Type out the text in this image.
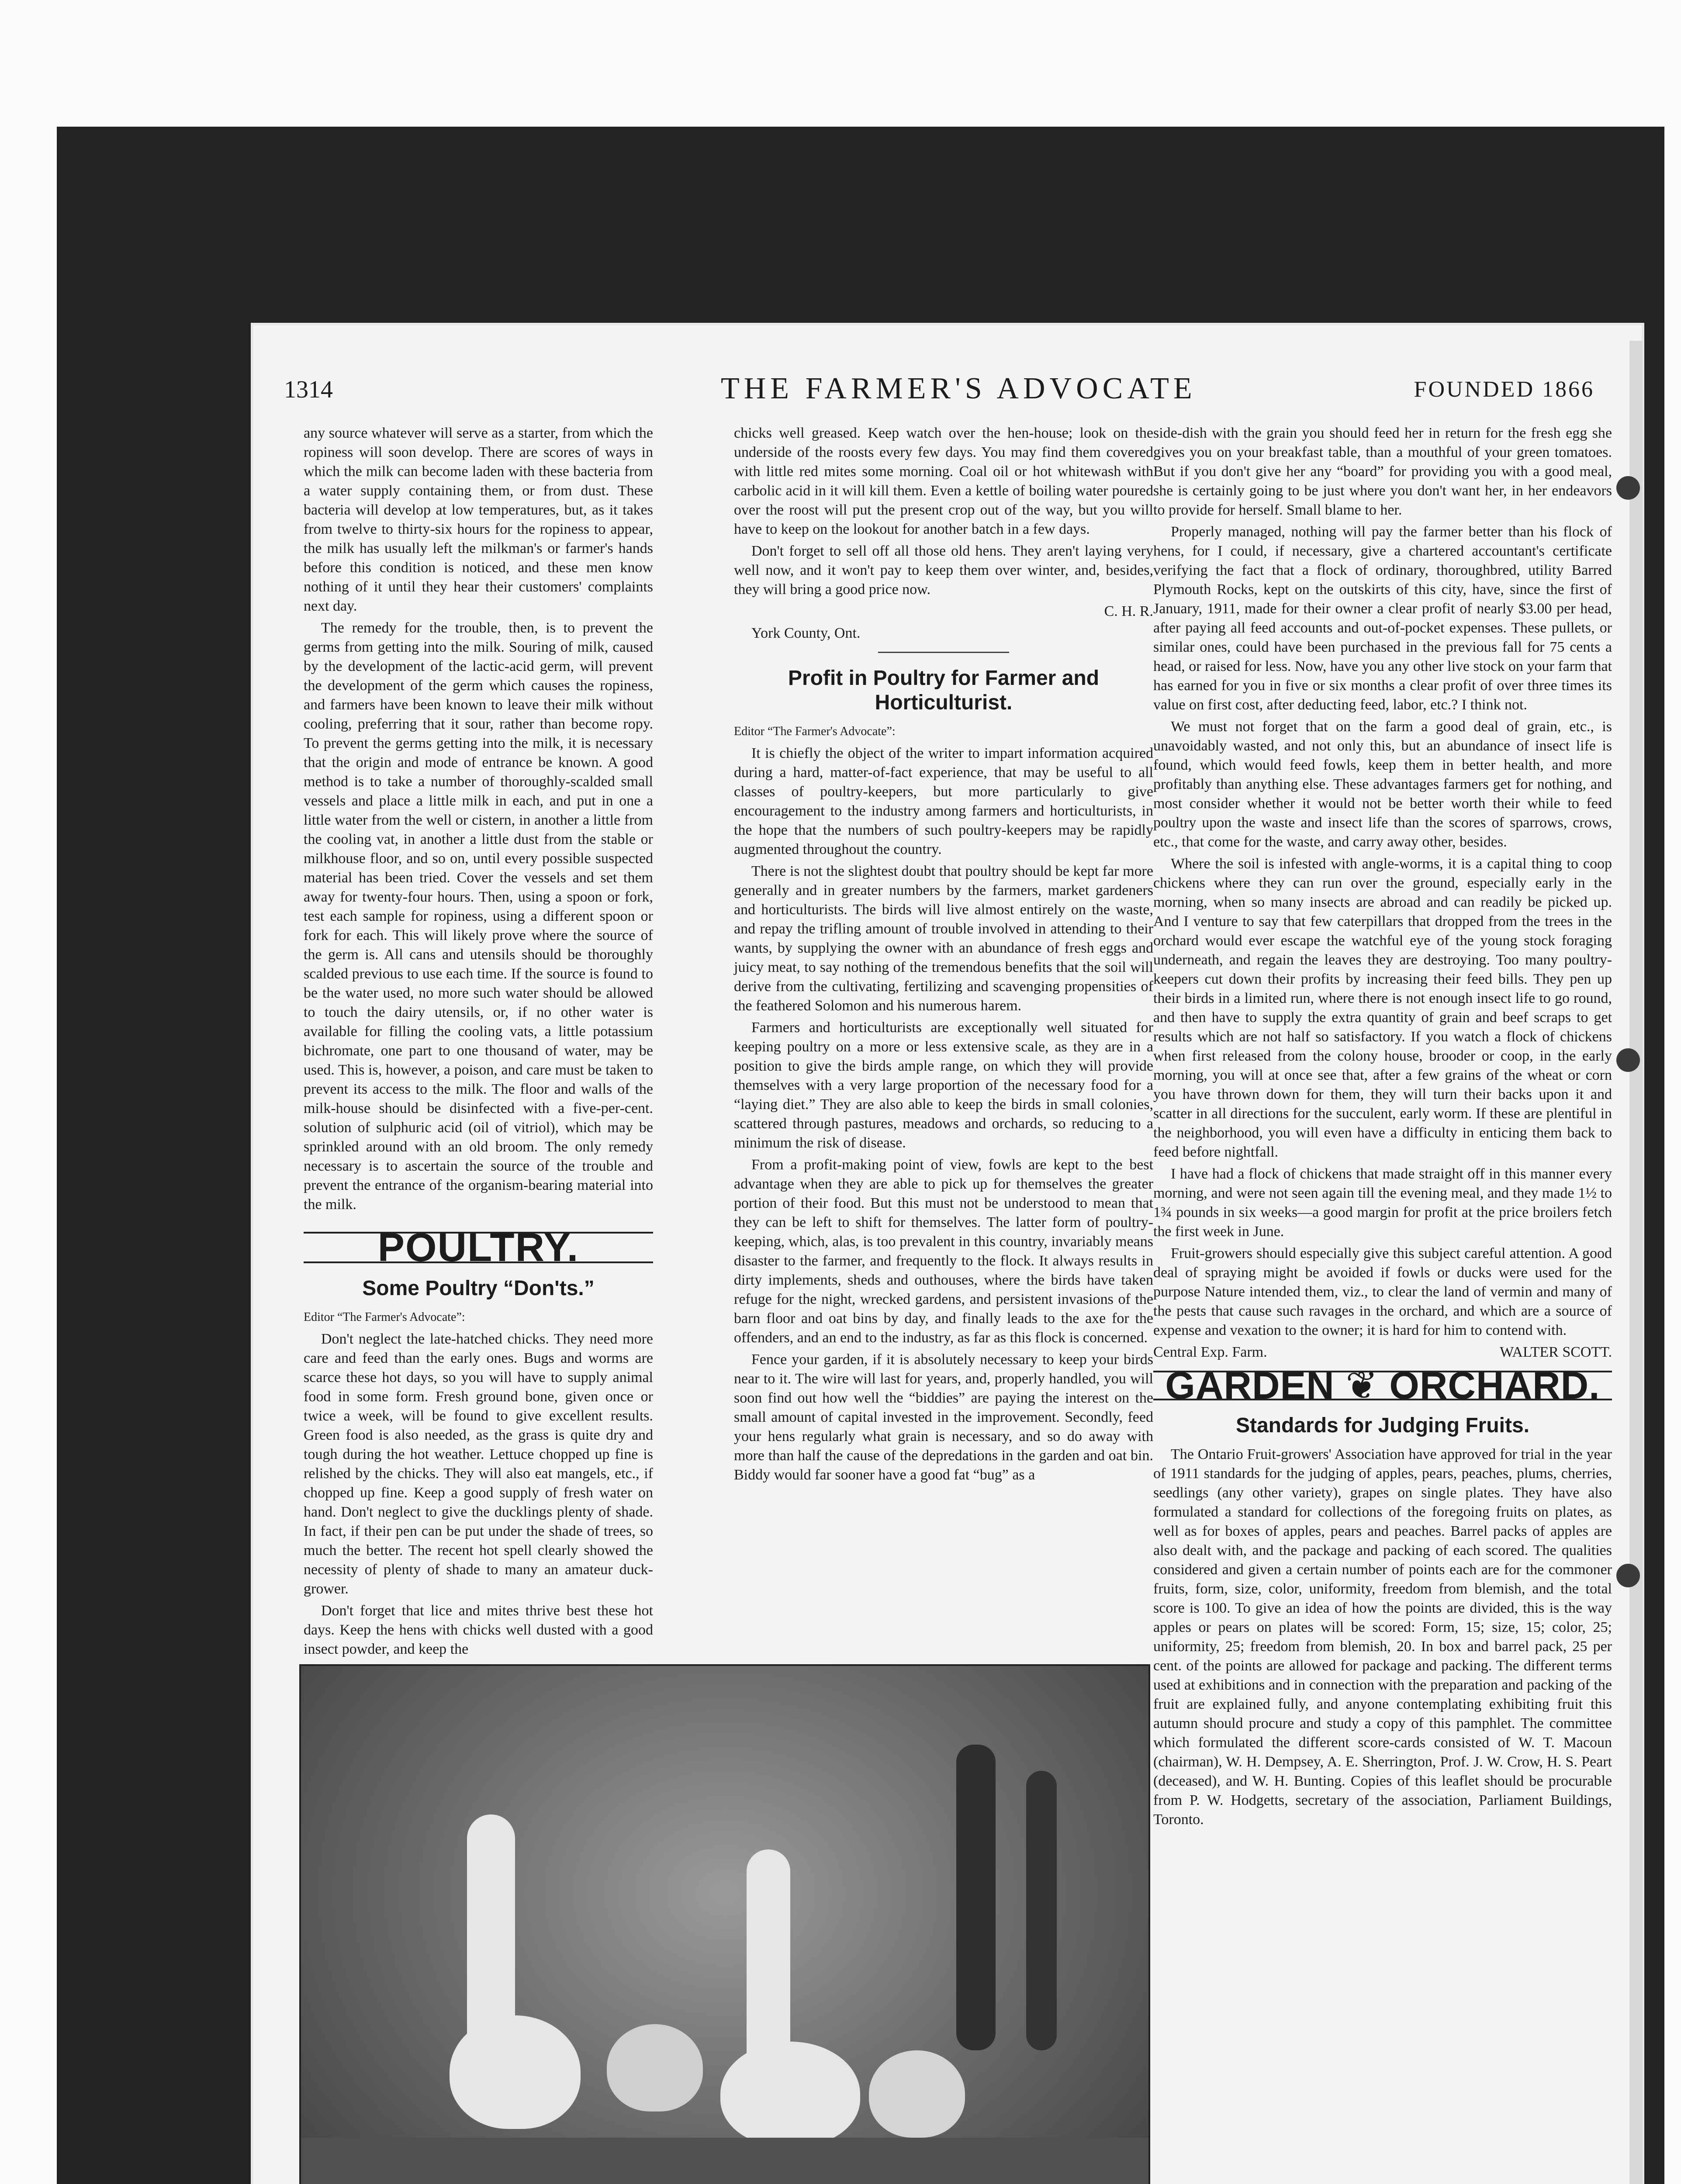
1314	THE FARMER'S ADVOCATE	FOUNDED 1866

any source whatever will serve as a starter, from which the ropiness will soon develop. There are scores of ways in which the milk can become laden with these bacteria from a water supply containing them, or from dust. These bacteria will develop at low temperatures, but, as it takes from twelve to thirty-six hours for the ropiness to appear, the milk has usually left the milkman's or farmer's hands before this condition is noticed, and these men know nothing of it until they hear their customers' complaints next day.

The remedy for the trouble, then, is to prevent the germs from getting into the milk. Souring of milk, caused by the development of the lactic-acid germ, will prevent the development of the germ which causes the ropiness, and farmers have been known to leave their milk without cooling, preferring that it sour, rather than become ropy. To prevent the germs getting into the milk, it is necessary that the origin and mode of entrance be known. A good method is to take a number of thoroughly-scalded small vessels and place a little milk in each, and put in one a little water from the well or cistern, in another a little from the cooling vat, in another a little dust from the stable or milkhouse floor, and so on, until every possible suspected material has been tried. Cover the vessels and set them away for twenty-four hours. Then, using a spoon or fork, test each sample for ropiness, using a different spoon or fork for each. This will likely prove where the source of the germ is. All cans and utensils should be thoroughly scalded previous to use each time. If the source is found to be the water used, no more such water should be allowed to touch the dairy utensils, or, if no other water is available for filling the cooling vats, a little potassium bichromate, one part to one thousand of water, may be used. This is, however, a poison, and care must be taken to prevent its access to the milk. The floor and walls of the milk-house should be disinfected with a five-per-cent. solution of sulphuric acid (oil of vitriol), which may be sprinkled around with an old broom. The only remedy necessary is to ascertain the source of the trouble and prevent the entrance of the organism-bearing material into the milk.

POULTRY.
Some Poultry “Don'ts.”

Editor “The Farmer's Advocate”:

Don't neglect the late-hatched chicks. They need more care and feed than the early ones. Bugs and worms are scarce these hot days, so you will have to supply animal food in some form. Fresh ground bone, given once or twice a week, will be found to give excellent results. Green food is also needed, as the grass is quite dry and tough during the hot weather. Lettuce chopped up fine is relished by the chicks. They will also eat mangels, etc., if chopped up fine. Keep a good supply of fresh water on hand. Don't neglect to give the ducklings plenty of shade. In fact, if their pen can be put under the shade of trees, so much the better. The recent hot spell clearly showed the necessity of plenty of shade to many an amateur duck-grower.

Don't forget that lice and mites thrive best these hot days. Keep the hens with chicks well dusted with a good insect powder, and keep the

chicks well greased. Keep watch over the hen-house; look on the underside of the roosts every few days. You may find them covered with little red mites some morning. Coal oil or hot whitewash with carbolic acid in it will kill them. Even a kettle of boiling water poured over the roost will put the present crop out of the way, but you will have to keep on the lookout for another batch in a few days.

Don't forget to sell off all those old hens. They aren't laying very well now, and it won't pay to keep them over winter, and, besides, they will bring a good price now.

C. H. R.

York County, Ont.

Profit in Poultry for Farmer and Horticulturist.

Editor “The Farmer's Advocate”:

It is chiefly the object of the writer to impart information acquired during a hard, matter-of-fact experience, that may be useful to all classes of poultry-keepers, but more particularly to give encouragement to the industry among farmers and horticulturists, in the hope that the numbers of such poultry-keepers may be rapidly augmented throughout the country.

There is not the slightest doubt that poultry should be kept far more generally and in greater numbers by the farmers, market gardeners and horticulturists. The birds will live almost entirely on the waste, and repay the trifling amount of trouble involved in attending to their wants, by supplying the owner with an abundance of fresh eggs and juicy meat, to say nothing of the tremendous benefits that the soil will derive from the cultivating, fertilizing and scavenging propensities of the feathered Solomon and his numerous harem.

Farmers and horticulturists are exceptionally well situated for keeping poultry on a more or less extensive scale, as they are in a position to give the birds ample range, on which they will provide themselves with a very large proportion of the necessary food for a “laying diet.” They are also able to keep the birds in small colonies, scattered through pastures, meadows and orchards, so reducing to a minimum the risk of disease.

From a profit-making point of view, fowls are kept to the best advantage when they are able to pick up for themselves the greater portion of their food. But this must not be understood to mean that they can be left to shift for themselves. The latter form of poultry-keeping, which, alas, is too prevalent in this country, invariably means disaster to the farmer, and frequently to the flock. It always results in dirty implements, sheds and outhouses, where the birds have taken refuge for the night, wrecked gardens, and persistent invasions of the barn floor and oat bins by day, and finally leads to the axe for the offenders, and an end to the industry, as far as this flock is concerned.

Fence your garden, if it is absolutely necessary to keep your birds near to it. The wire will last for years, and, properly handled, you will soon find out how well the “biddies” are paying the interest on the small amount of capital invested in the improvement. Secondly, feed your hens regularly what grain is necessary, and so do away with more than half the cause of the depredations in the garden and oat bin. Biddy would far sooner have a good fat “bug” as a

side-dish with the grain you should feed her in return for the fresh egg she gives you on your breakfast table, than a mouthful of your green tomatoes. But if you don't give her any “board” for providing you with a good meal, she is certainly going to be just where you don't want her, in her endeavors to provide for herself. Small blame to her.

Properly managed, nothing will pay the farmer better than his flock of hens, for I could, if necessary, give a chartered accountant's certificate verifying the fact that a flock of ordinary, thoroughbred, utility Barred Plymouth Rocks, kept on the outskirts of this city, have, since the first of January, 1911, made for their owner a clear profit of nearly $3.00 per head, after paying all feed accounts and out-of-pocket expenses. These pullets, or similar ones, could have been purchased in the previous fall for 75 cents a head, or raised for less. Now, have you any other live stock on your farm that has earned for you in five or six months a clear profit of over three times its value on first cost, after deducting feed, labor, etc.? I think not.

We must not forget that on the farm a good deal of grain, etc., is unavoidably wasted, and not only this, but an abundance of insect life is found, which would feed fowls, keep them in better health, and more profitably than anything else. These advantages farmers get for nothing, and most consider whether it would not be better worth their while to feed poultry upon the waste and insect life than the scores of sparrows, crows, etc., that come for the waste, and carry away other, besides.

Where the soil is infested with angle-worms, it is a capital thing to coop chickens where they can run over the ground, especially early in the morning, when so many insects are abroad and can readily be picked up. And I venture to say that few caterpillars that dropped from the trees in the orchard would ever escape the watchful eye of the young stock foraging underneath, and regain the leaves they are destroying. Too many poultry-keepers cut down their profits by increasing their feed bills. They pen up their birds in a limited run, where there is not enough insect life to go round, and then have to supply the extra quantity of grain and beef scraps to get results which are not half so satisfactory. If you watch a flock of chickens when first released from the colony house, brooder or coop, in the early morning, you will at once see that, after a few grains of the wheat or corn you have thrown down for them, they will turn their backs upon it and scatter in all directions for the succulent, early worm. If these are plentiful in the neighborhood, you will even have a difficulty in enticing them back to feed before nightfall.

I have had a flock of chickens that made straight off in this manner every morning, and were not seen again till the evening meal, and they made 1½ to 1¾ pounds in six weeks—a good margin for profit at the price broilers fetch the first week in June.

Fruit-growers should especially give this subject careful attention. A good deal of spraying might be avoided if fowls or ducks were used for the purpose Nature intended them, viz., to clear the land of vermin and many of the pests that cause such ravages in the orchard, and which are a source of expense and vexation to the owner; it is hard for him to contend with.

Central Exp. Farm.	WALTER SCOTT.

GARDEN ❦ ORCHARD.
Standards for Judging Fruits.

The Ontario Fruit-growers' Association have approved for trial in the year of 1911 standards for the judging of apples, pears, peaches, plums, cherries, seedlings (any other variety), grapes on single plates. They have also formulated a standard for collections of the foregoing fruits on plates, as well as for boxes of apples, pears and peaches. Barrel packs of apples are also dealt with, and the package and packing of each scored. The qualities considered and given a certain number of points each are for the commoner fruits, form, size, color, uniformity, freedom from blemish, and the total score is 100. To give an idea of how the points are divided, this is the way apples or pears on plates will be scored: Form, 15; size, 15; color, 25; uniformity, 25; freedom from blemish, 20. In box and barrel pack, 25 per cent. of the points are allowed for package and packing. The different terms used at exhibitions and in connection with the preparation and packing of the fruit are explained fully, and anyone contemplating exhibiting fruit this autumn should procure and study a copy of this pamphlet. The committee which formulated the different score-cards consisted of W. T. Macoun (chairman), W. H. Dempsey, A. E. Sherrington, Prof. J. W. Crow, H. S. Peart (deceased), and W. H. Bunting. Copies of this leaflet should be procurable from P. W. Hodgetts, secretary of the association, Parliament Buildings, Toronto.
